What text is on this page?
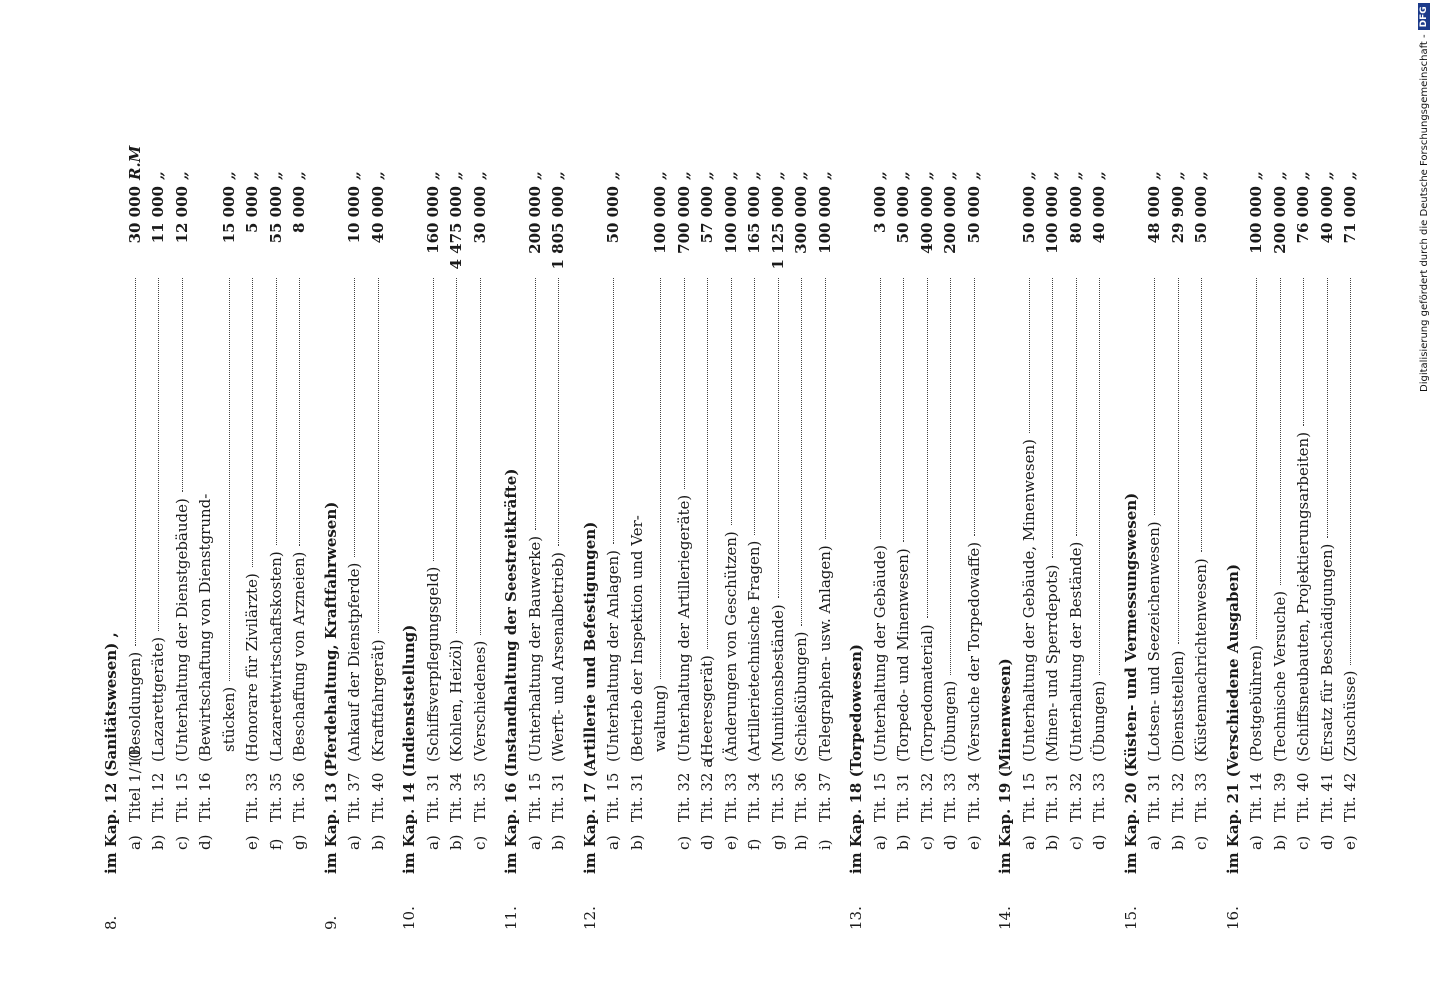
8.
im Kap. 12 (Sanitätswesen) , a)
Titel 1/10
(Besoldungen)
30 000
R.M
b)
Tit. 12
(Lazarettgeräte)
11 000
„
c)
Tit. 15
(Unterhaltung der Dienstgebäude)
12 000
„
d)
Tit. 16
(Bewirtschaftung von Dienstgrund- stücken)
15 000
„
e)
Tit. 33
(Honorare für Zivilärzte)
5 000
„
f)
Tit. 35
(Lazarettwirtschaftskosten)
55 000
„
g)
Tit. 36
(Beschaffung von Arzneien)
8 000
„
9.
im Kap. 13 (Pferdehaltung, Kraftfahrwesen) a)
Tit. 37
(Ankauf der Dienstpferde)
10 000
„
b)
Tit. 40
(Kraftfahrgerät)
40 000
„
10.
im Kap. 14 (Indienststellung) a)
Tit. 31
(Schiffsverpflegungsgeld)
160 000
„
b)
Tit. 34
(Kohlen, Heizöl)
4 475 000
„
c)
Tit. 35
(Verschiedenes)
30 000
„
11.
im Kap. 16 (Instandhaltung der Seestreitkräfte) a)
Tit. 15
(Unterhaltung der Bauwerke)
200 000
„
b)
Tit. 31
(Werft- und Arsenalbetrieb)
1 805 000
„
12.
im Kap. 17 (Artillerie und Befestigungen) a)
Tit. 15
(Unterhaltung der Anlagen)
50 000
„
b)
Tit. 31
(Betrieb der Inspektion und Ver- waltung)
100 000
„
c)
Tit. 32
(Unterhaltung der Artilleriegeräte)
700 000
„
d)
Tit. 32 a
(Heeresgerät)
57 000
„
e)
Tit. 33
(Änderungen von Geschützen)
100 000
„
f)
Tit. 34
(Artillerietechnische Fragen)
165 000
„
g)
Tit. 35
(Munitionsbestände)
1 125 000
„
h)
Tit. 36
(Schießübungen)
300 000
„
i)
Tit. 37
(Telegraphen- usw. Anlagen)
100 000
„
13.
im Kap. 18 (Torpedowesen) a)
Tit. 15
(Unterhaltung der Gebäude)
3 000
„
b)
Tit. 31
(Torpedo- und Minenwesen)
50 000
„
c)
Tit. 32
(Torpedomaterial)
400 000
„
d)
Tit. 33
(Übungen)
200 000
„
e)
Tit. 34
(Versuche der Torpedowaffe)
50 000
„
14.
im Kap. 19 (Minenwesen) a)
Tit. 15
(Unterhaltung der Gebäude, Minenwesen)
50 000
„
b)
Tit. 31
(Minen- und Sperrdepots)
100 000
„
c)
Tit. 32
(Unterhaltung der Bestände)
80 000
„
d)
Tit. 33
(Übungen)
40 000
„
15.
im Kap. 20 (Küsten- und Vermessungswesen) a)
Tit. 31
(Lotsen- und Seezeichenwesen)
48 000
„
b)
Tit. 32
(Dienststellen)
29 900
„
c)
Tit. 33
(Küstennachrichtenwesen)
50 000
„
16.
im Kap. 21 (Verschiedene Ausgaben) a)
Tit. 14
(Postgebühren)
100 000
„
b)
Tit. 39
(Technische Versuche)
200 000
„
c)
Tit. 40
(Schiffsneubauten, Projektierungsarbeiten)
76 000
„
d)
Tit. 41
(Ersatz für Beschädigungen)
40 000
„
e)
Tit. 42
(Zuschüsse)
71 000
„	Digitalisierung gefördert durch die Deutsche Forschungsgemeinschaft -
DFG
